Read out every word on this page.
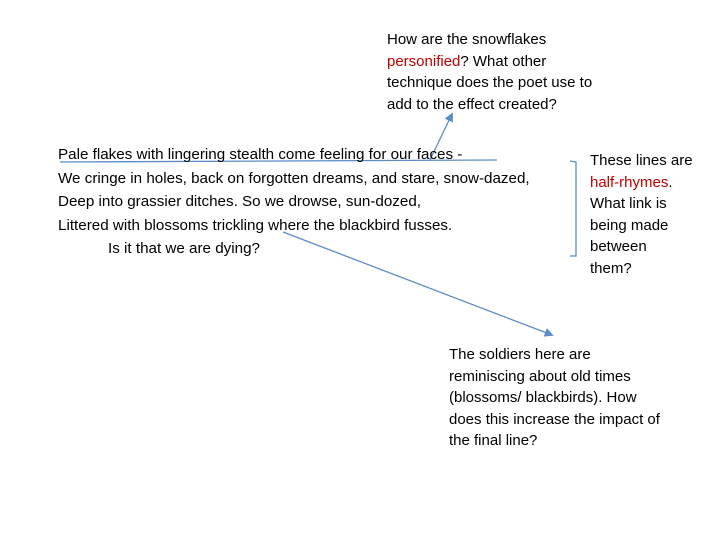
How are the snowflakes

personified? What other

technique does the poet use to

add to the effect created?

Pale flakes with lingering stealth come feeling for our faces -

We cringe in holes, back on forgotten dreams, and stare, snow-dazed,

Deep into grassier ditches. So we drowse, sun-dozed,

Littered with blossoms trickling where the blackbird fusses.

Is it that we are dying?

These lines are

half-rhymes.

What link is

being made

between

them?

The soldiers here are

reminiscing about old times

(blossoms/ blackbirds). How

does this increase the impact of

the final line?
